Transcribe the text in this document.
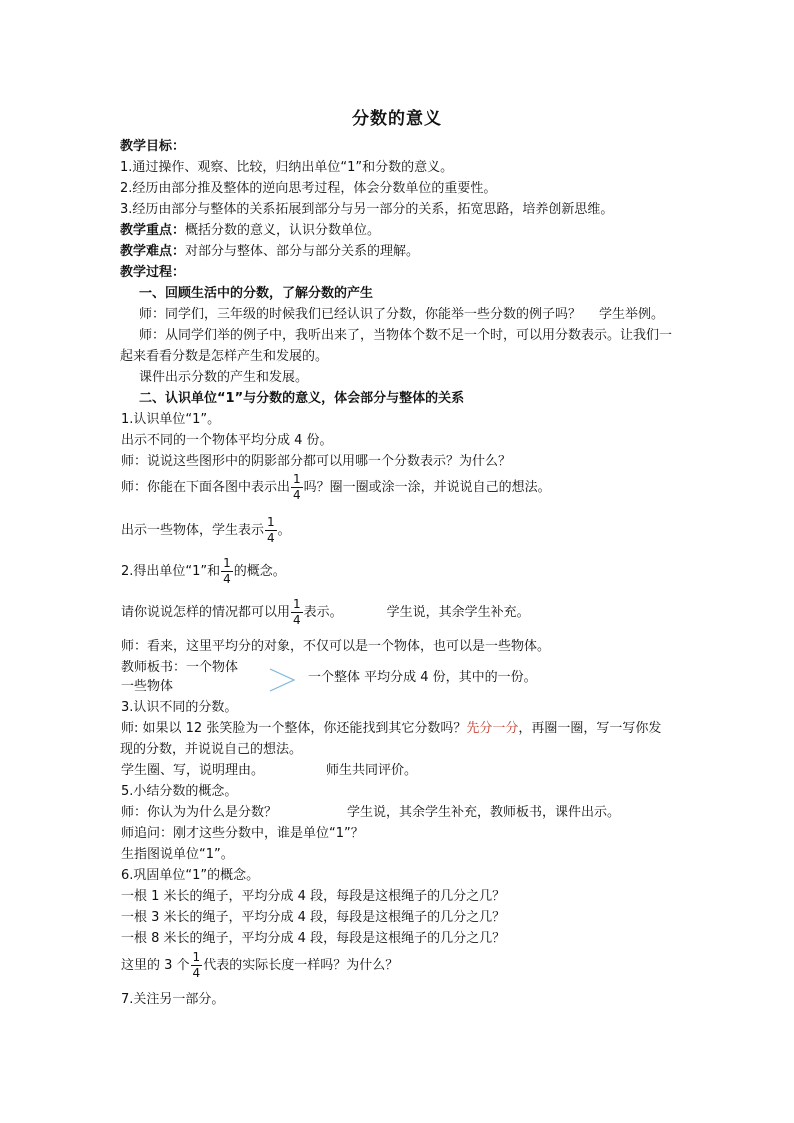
分数的意义
教学目标：
1.通过操作、观察、比较，归纳出单位“1”和分数的意义。
2.经历由部分推及整体的逆向思考过程，体会分数单位的重要性。
3.经历由部分与整体的关系拓展到部分与另一部分的关系，拓宽思路，培养创新思维。
教学重点：概括分数的意义，认识分数单位。
教学难点：对部分与整体、部分与部分关系的理解。
教学过程：
一、回顾生活中的分数，了解分数的产生
师：同学们，三年级的时候我们已经认识了分数，你能举一些分数的例子吗？ 学生举例。
师：从同学们举的例子中，我听出来了，当物体个数不足一个时，可以用分数表示。让我们一
起来看看分数是怎样产生和发展的。
课件出示分数的产生和发展。
二、认识单位“1”与分数的意义，体会部分与整体的关系
1.认识单位“1”。
出示不同的一个物体平均分成 4 份。
师：说说这些图形中的阴影部分都可以用哪一个分数表示？为什么？
师：你能在下面各图中表示出 $\frac{1}{4}$ 吗？圈一圈或涂一涂，并说说自己的想法。
出示一些物体，学生表示 $\frac{1}{4}$ 。
2.得出单位“1”和 $\frac{1}{4}$ 的概念。
请你说说怎样的情况都可以用 $\frac{1}{4}$ 表示。	学生说，其余学生补充。
师：看来，这里平均分的对象，不仅可以是一个物体，也可以是一些物体。
教师板书：一个物体
一些物体
一个整体 平均分成 4 份，其中的一份。
3.认识不同的分数。
师: 如果以 12 张笑脸为一个整体，你还能找到其它分数吗？先分一分，再圈一圈，写一写你发
现的分数，并说说自己的想法。
学生圈、写，说明理由。	师生共同评价。
5.小结分数的概念。
师：你认为为什么是分数？	学生说，其余学生补充，教师板书，课件出示。
师追问：刚才这些分数中，谁是单位“1”？
生指图说单位“1”。
6.巩固单位“1”的概念。
一根 1 米长的绳子，平均分成 4 段，每段是这根绳子的几分之几？
一根 3 米长的绳子，平均分成 4 段，每段是这根绳子的几分之几？
一根 8 米长的绳子，平均分成 4 段，每段是这根绳子的几分之几？
这里的 3 个 $\frac{1}{4}$ 代表的实际长度一样吗？为什么？
7.关注另一部分。
